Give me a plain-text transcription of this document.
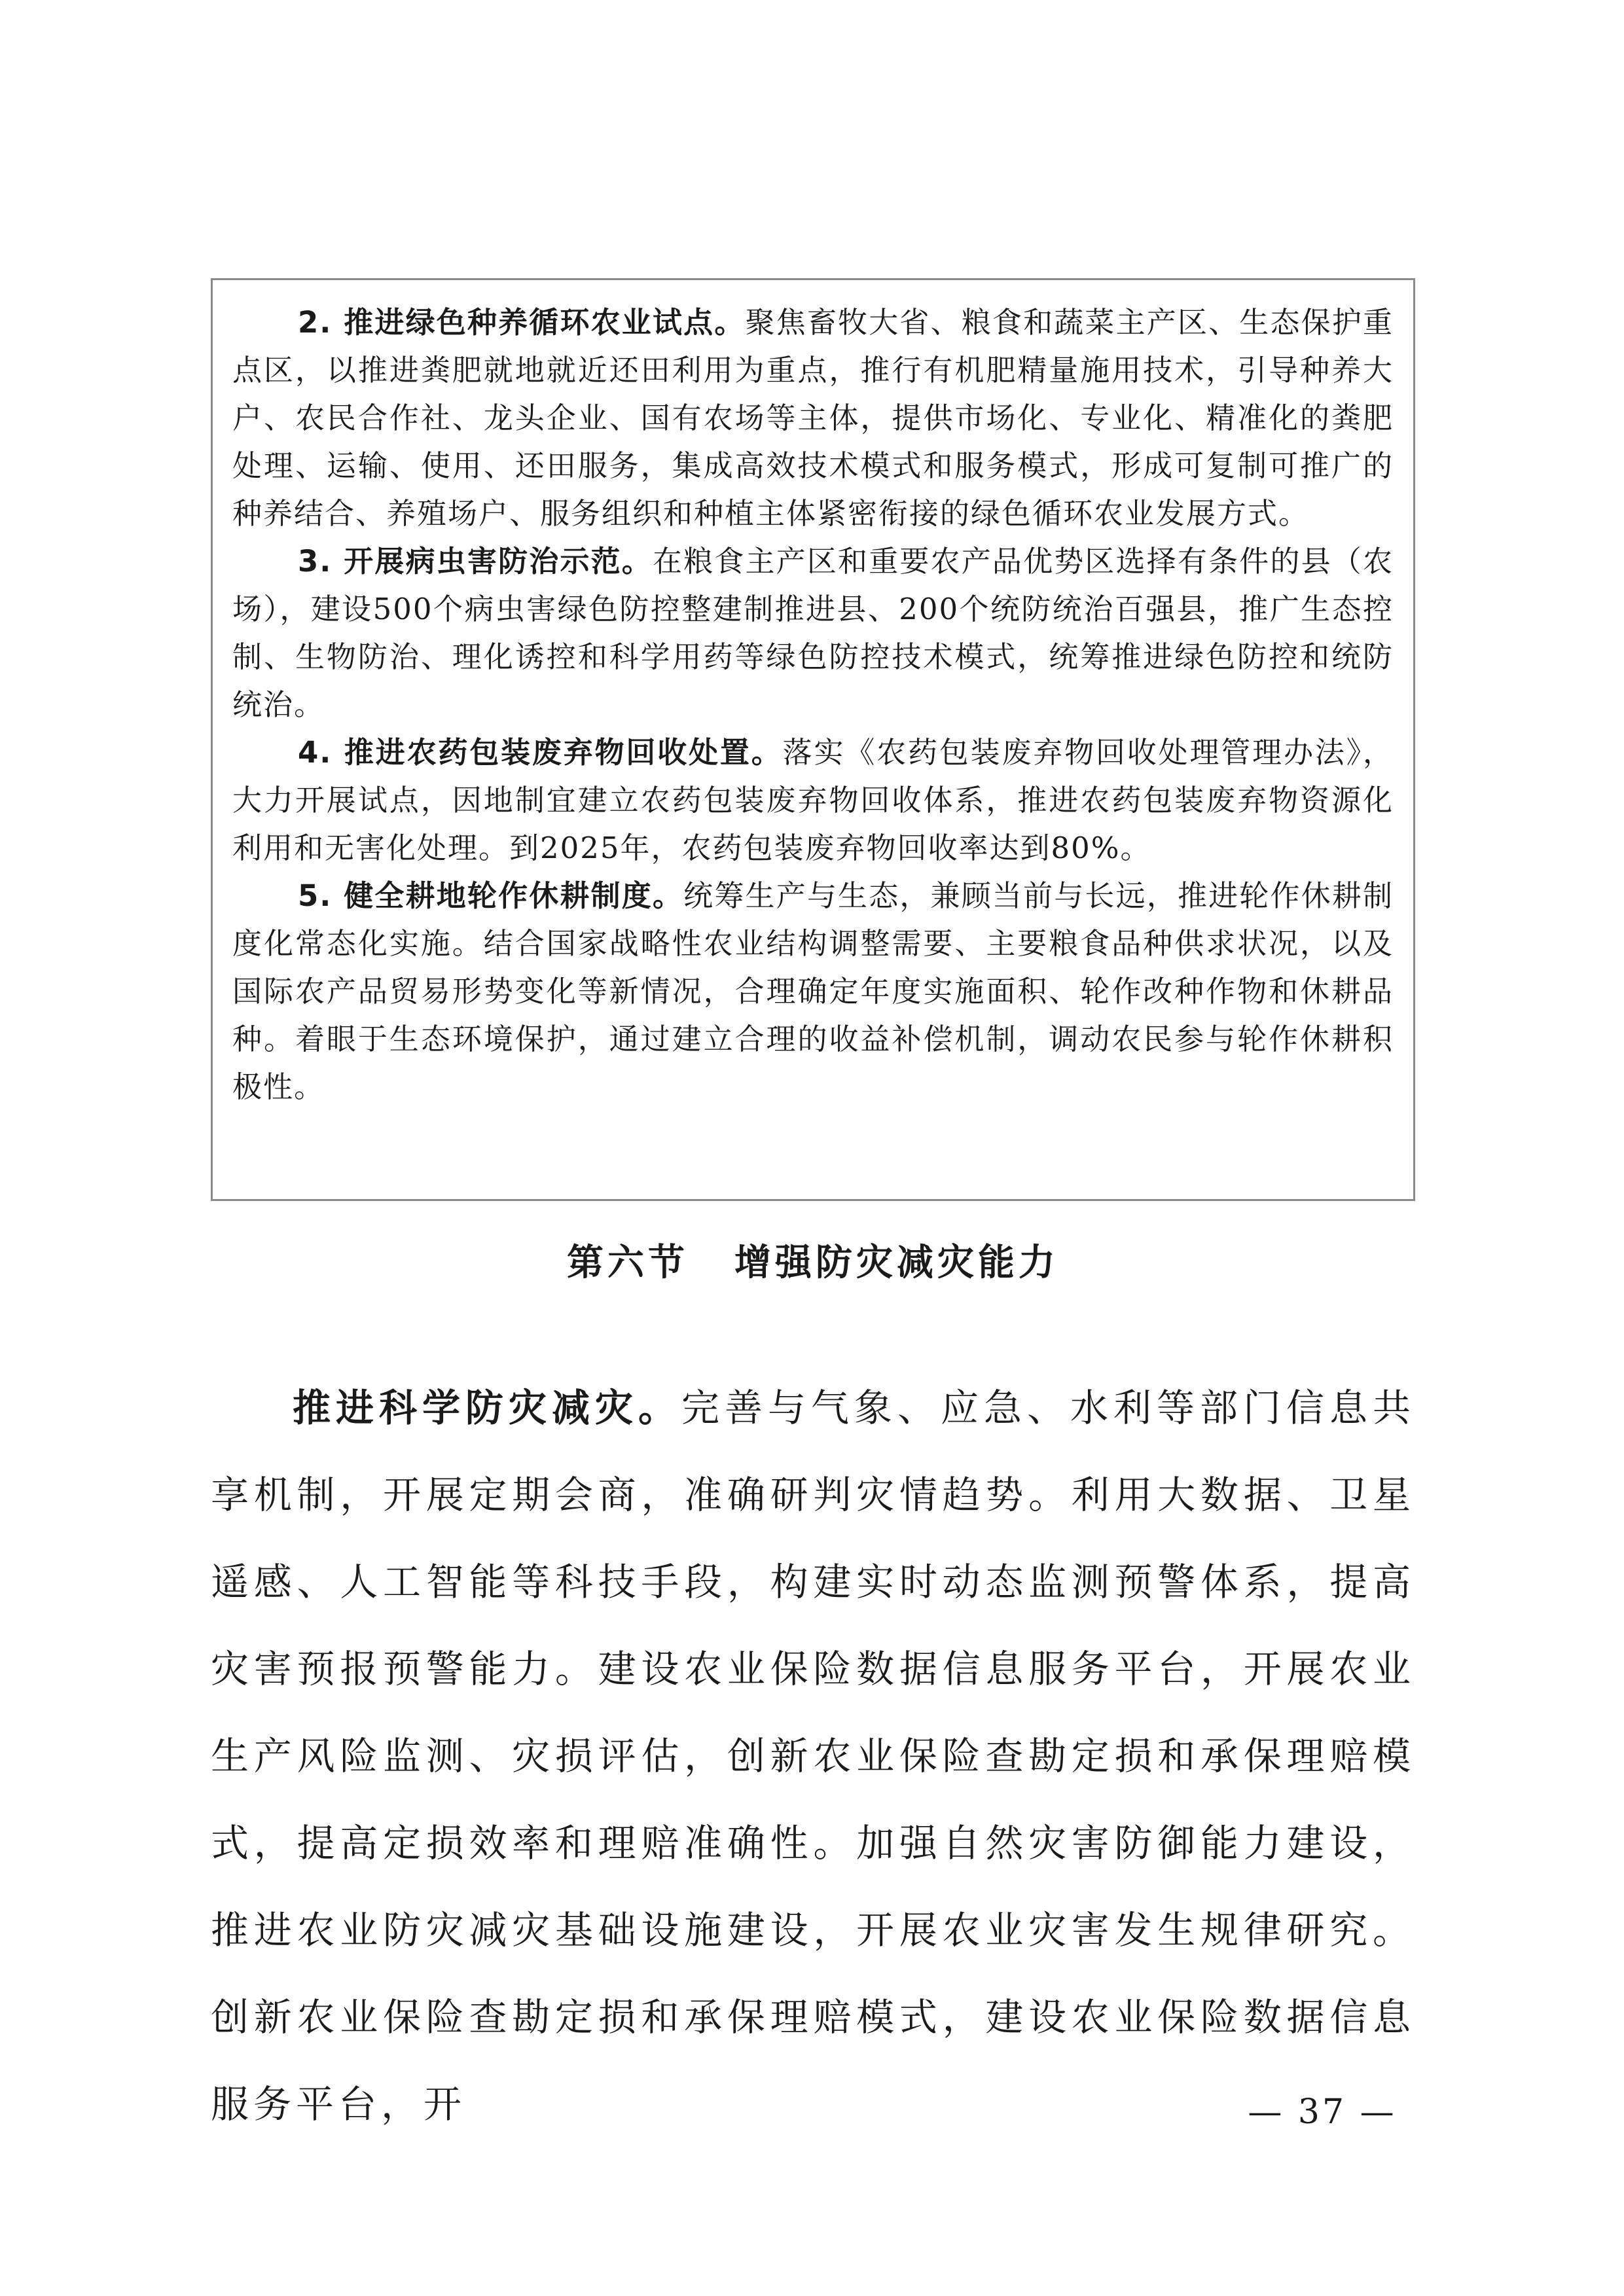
2. 推进绿色种养循环农业试点。聚焦畜牧大省、粮食和蔬菜主产区、生态保护重点区，以推进粪肥就地就近还田利用为重点，推行有机肥精量施用技术，引导种养大户、农民合作社、龙头企业、国有农场等主体，提供市场化、专业化、精准化的粪肥处理、运输、使用、还田服务，集成高效技术模式和服务模式，形成可复制可推广的种养结合、养殖场户、服务组织和种植主体紧密衔接的绿色循环农业发展方式。

3. 开展病虫害防治示范。在粮食主产区和重要农产品优势区选择有条件的县（农场），建设500个病虫害绿色防控整建制推进县、200个统防统治百强县，推广生态控制、生物防治、理化诱控和科学用药等绿色防控技术模式，统筹推进绿色防控和统防统治。

4. 推进农药包装废弃物回收处置。落实《农药包装废弃物回收处理管理办法》，大力开展试点，因地制宜建立农药包装废弃物回收体系，推进农药包装废弃物资源化利用和无害化处理。到2025年，农药包装废弃物回收率达到80%。

5. 健全耕地轮作休耕制度。统筹生产与生态，兼顾当前与长远，推进轮作休耕制度化常态化实施。结合国家战略性农业结构调整需要、主要粮食品种供求状况，以及国际农产品贸易形势变化等新情况，合理确定年度实施面积、轮作改种作物和休耕品种。着眼于生态环境保护，通过建立合理的收益补偿机制，调动农民参与轮作休耕积极性。

第六节 增强防灾减灾能力

推进科学防灾减灾。完善与气象、应急、水利等部门信息共享机制，开展定期会商，准确研判灾情趋势。利用大数据、卫星遥感、人工智能等科技手段，构建实时动态监测预警体系，提高灾害预报预警能力。建设农业保险数据信息服务平台，开展农业生产风险监测、灾损评估，创新农业保险查勘定损和承保理赔模式，提高定损效率和理赔准确性。加强自然灾害防御能力建设，推进农业防灾减灾基础设施建设，开展农业灾害发生规律研究。创新农业保险查勘定损和承保理赔模式，建设农业保险数据信息服务平台，开	— 37 —
